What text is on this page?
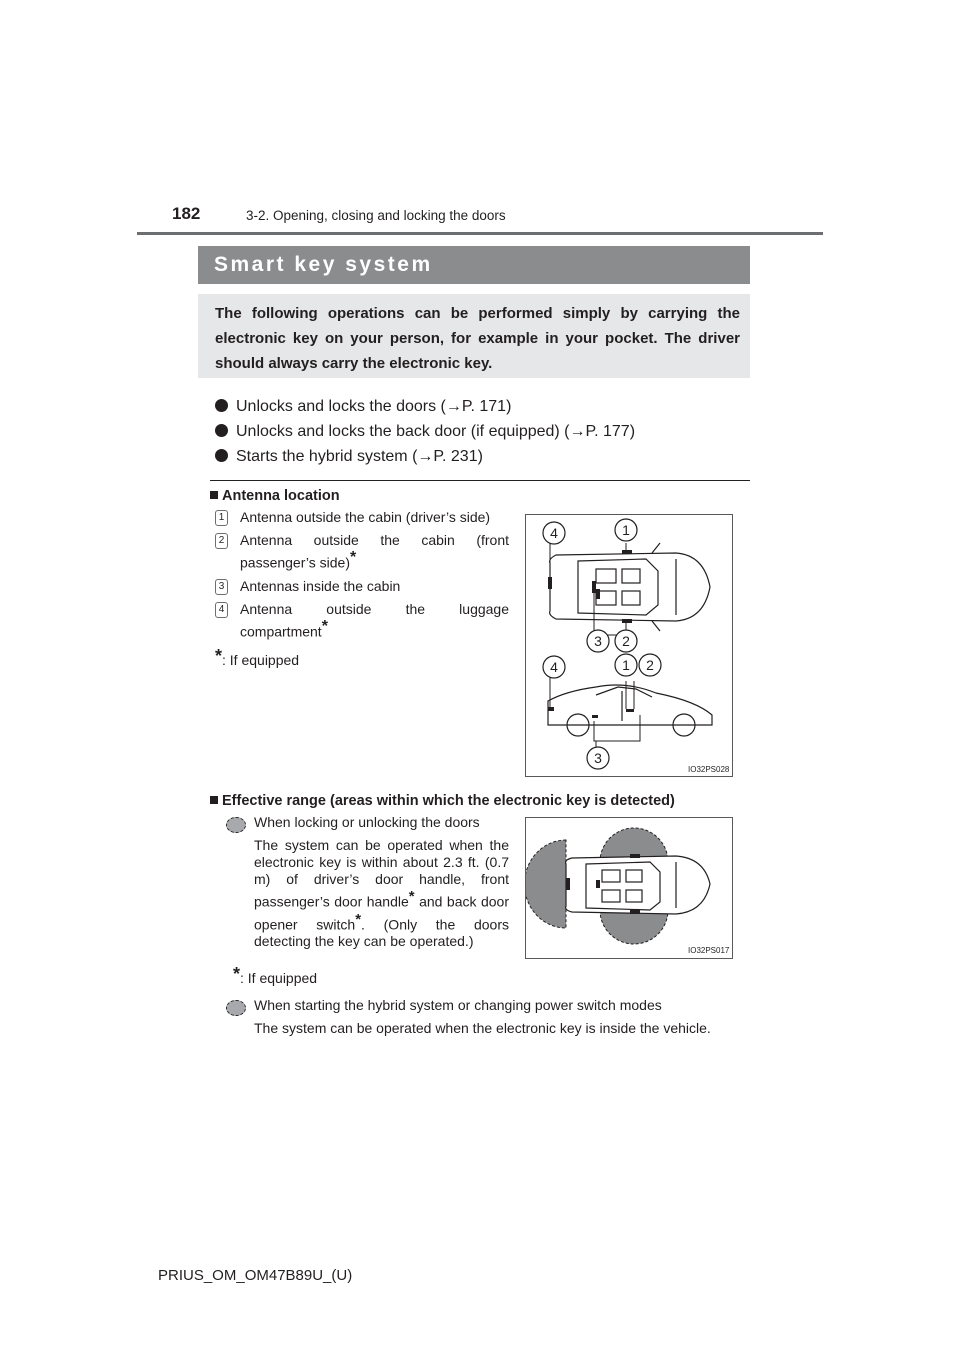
182	3-2. Opening, closing and locking the doors
Smart key system
The following operations can be performed simply by carrying the electronic key on your person, for example in your pocket. The driver should always carry the electronic key.
Unlocks and locks the doors (→P. 171)
Unlocks and locks the back door (if equipped) (→P. 177)
Starts the hybrid system (→P. 231)
Antenna location
1 Antenna outside the cabin (driver’s side)
2 Antenna outside the cabin (front passenger’s side)*
3 Antennas inside the cabin
4 Antenna outside the luggage compartment*
*: If equipped
4	1
3 2
4	1 2
3
IO32PS028
Effective range (areas within which the electronic key is detected)
When locking or unlocking the doors
The system can be operated when the electronic key is within about 2.3 ft. (0.7 m) of driver’s door handle, front passenger’s door handle* and back door opener switch*. (Only the doors detecting the key can be operated.)
*: If equipped
IO32PS017
When starting the hybrid system or changing power switch modes
The system can be operated when the electronic key is inside the vehicle.
PRIUS_OM_OM47B89U_(U)
